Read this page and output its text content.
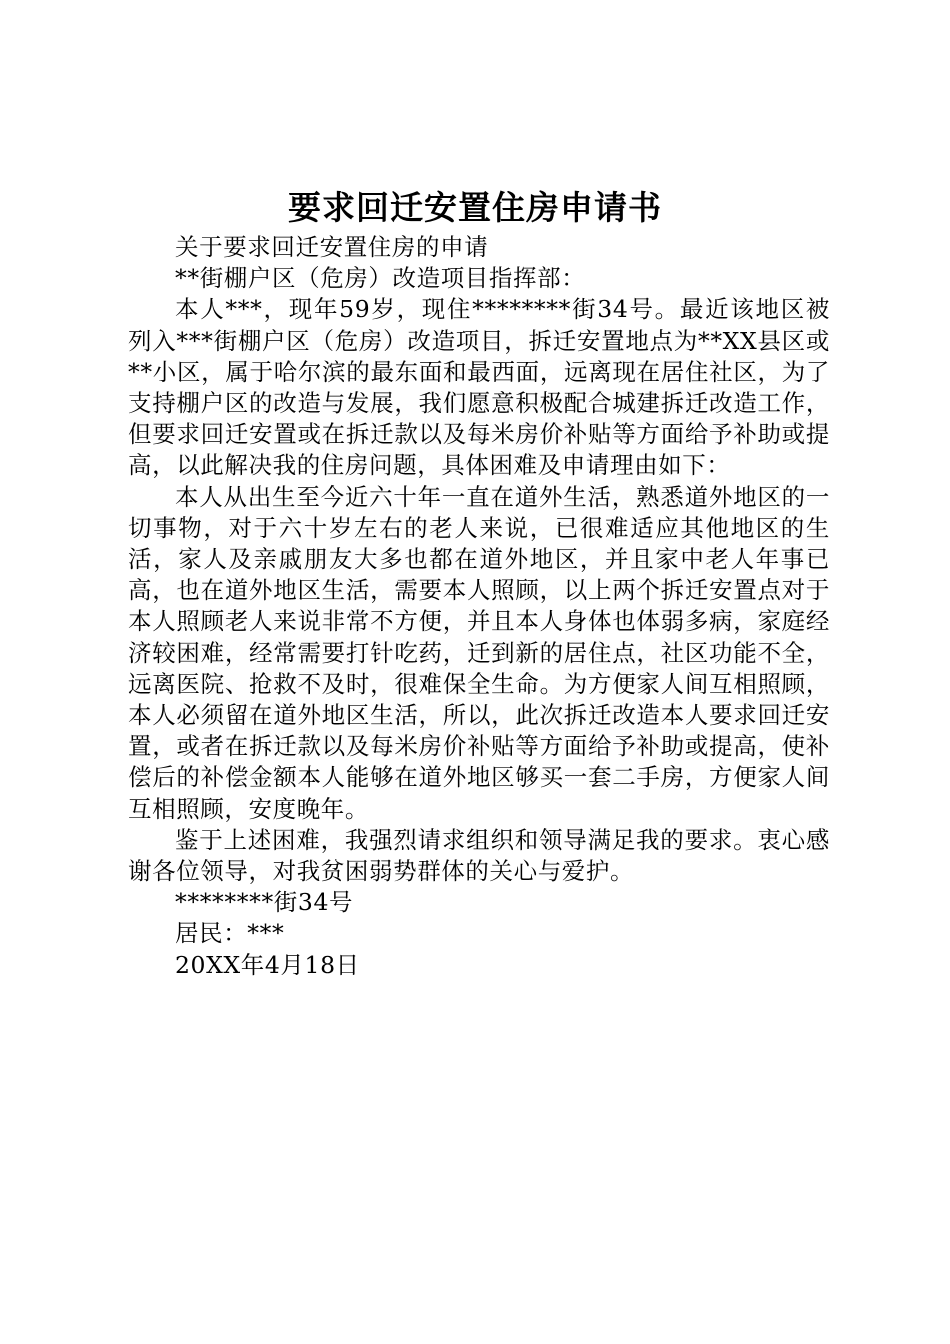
要求回迁安置住房申请书

关于要求回迁安置住房的申请

**街棚户区（危房）改造项目指挥部：

本人***，现年59岁，现住********街34号。最近该地区被列入***街棚户区（危房）改造项目，拆迁安置地点为**XX县区或**小区，属于哈尔滨的最东面和最西面，远离现在居住社区，为了支持棚户区的改造与发展，我们愿意积极配合城建拆迁改造工作，但要求回迁安置或在拆迁款以及每米房价补贴等方面给予补助或提高，以此解决我的住房问题，具体困难及申请理由如下：

本人从出生至今近六十年一直在道外生活，熟悉道外地区的一切事物，对于六十岁左右的老人来说，已很难适应其他地区的生活，家人及亲戚朋友大多也都在道外地区，并且家中老人年事已高，也在道外地区生活，需要本人照顾，以上两个拆迁安置点对于本人照顾老人来说非常不方便，并且本人身体也体弱多病，家庭经济较困难，经常需要打针吃药，迁到新的居住点，社区功能不全，远离医院、抢救不及时，很难保全生命。为方便家人间互相照顾，本人必须留在道外地区生活，所以，此次拆迁改造本人要求回迁安置，或者在拆迁款以及每米房价补贴等方面给予补助或提高，使补偿后的补偿金额本人能够在道外地区够买一套二手房，方便家人间互相照顾，安度晚年。

鉴于上述困难，我强烈请求组织和领导满足我的要求。衷心感谢各位领导，对我贫困弱势群体的关心与爱护。

********街34号

居民：***

20XX年4月18日
